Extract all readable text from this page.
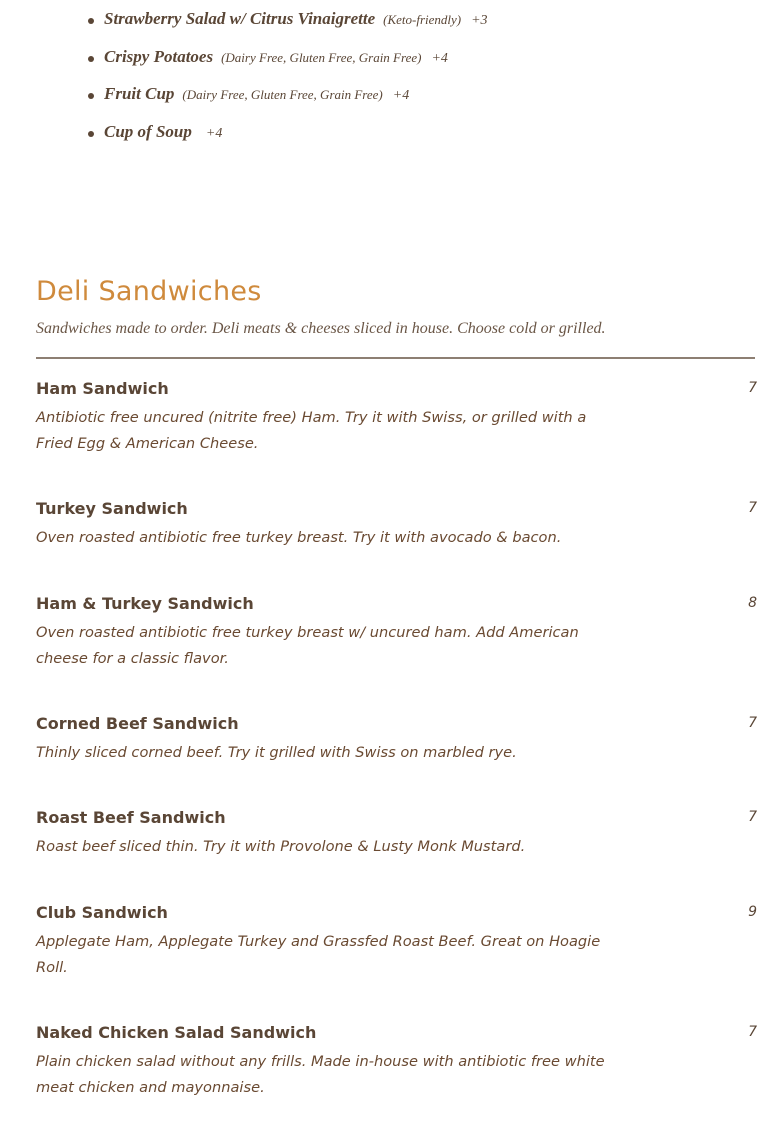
Strawberry Salad w/ Citrus Vinaigrette (Keto-friendly) +3
Crispy Potatoes (Dairy Free, Gluten Free, Grain Free) +4
Fruit Cup (Dairy Free, Gluten Free, Grain Free) +4
Cup of Soup +4
Deli Sandwiches

Sandwiches made to order. Deli meats & cheeses sliced in house. Choose cold or grilled.

Ham Sandwich	7
Antibiotic free uncured (nitrite free) Ham. Try it with Swiss, or grilled with a Fried Egg & American Cheese.
Turkey Sandwich	7
Oven roasted antibiotic free turkey breast. Try it with avocado & bacon.
Ham & Turkey Sandwich	8
Oven roasted antibiotic free turkey breast w/ uncured ham. Add American cheese for a classic flavor.
Corned Beef Sandwich	7
Thinly sliced corned beef. Try it grilled with Swiss on marbled rye.
Roast Beef Sandwich	7
Roast beef sliced thin. Try it with Provolone & Lusty Monk Mustard.
Club Sandwich	9
Applegate Ham, Applegate Turkey and Grassfed Roast Beef. Great on Hoagie Roll.
Naked Chicken Salad Sandwich	7
Plain chicken salad without any frills. Made in-house with antibiotic free white meat chicken and mayonnaise.
